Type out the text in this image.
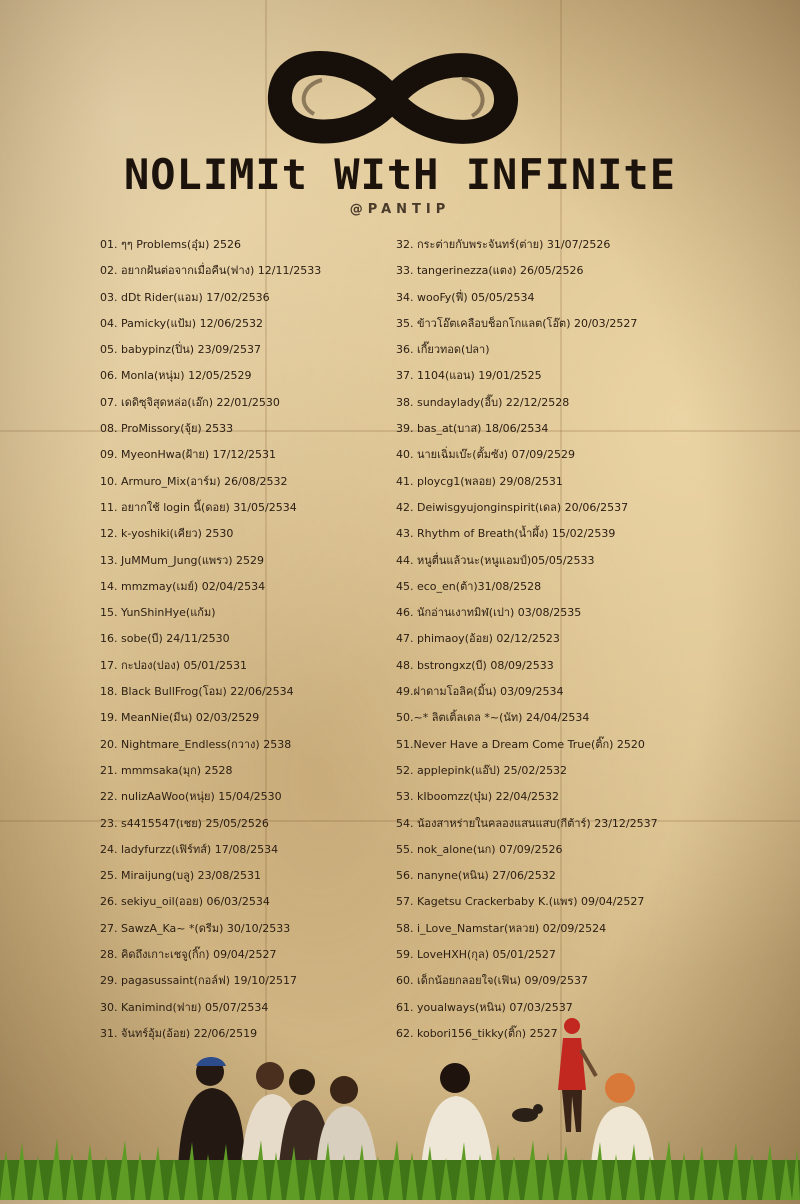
NOLIMIt WItH INFINItE
@PANTIP
01. ๆๆ Problems(อุ๋ม) 2526
02. อยากฝันต่อจากเมื่อคืน(ฟาง) 12/11/2533
03. dDt Rider(แอม) 17/02/2536
04. Pamicky(แป้ม) 12/06/2532
05. babypinz(ปิ่น) 23/09/2537
06. Monla(หนุ่ม) 12/05/2529
07. เดดิซุจิสุดหล่อ(เอ๊ก) 22/01/2530
08. ProMissory(จุ้ย) 2533
09. MyeonHwa(ฝ้าย) 17/12/2531
10. Armuro_Mix(อาร์ม) 26/08/2532
11. อยากใช้ login นี้(ดอย) 31/05/2534
12. k-yoshiki(เคียว) 2530
13. JuMMum_Jung(แพรว) 2529
14. mmzmay(เมย์) 02/04/2534
15. YunShinHye(แก้ม)
16. sobe(บี) 24/11/2530
17. กะปอง(ปอง) 05/01/2531
18. Black BullFrog(โอม) 22/06/2534
19. MeanNie(มีน) 02/03/2529
20. Nightmare_Endless(กวาง) 2538
21. mmmsaka(มุก) 2528
22. nuIizAaWoo(หนุ่ย) 15/04/2530
23. s4415547(เชย) 25/05/2526
24. ladyfurzz(เฟิร์ทส์) 17/08/2534
25. Miraijung(บลู) 23/08/2531
26. sekiyu_oil(ออย) 06/03/2534
27. SawzA_Ka~ *(ดรีม) 30/10/2533
28. คิดถึงเกาะเชจู(กิ๊ก) 09/04/2527
29. pagasussaint(กอล์ฟ) 19/10/2517
30. Kanimind(ฟาย) 05/07/2534
31. จันทร์อุ้ม(อ้อย) 22/06/2519
32. กระต่ายกับพระจันทร์(ต่าย) 31/07/2526
33. tangerinezza(แตง) 26/05/2526
34. wooFy(ฟี่) 05/05/2534
35. ข้าวโอ๊ตเคลือบช็อกโกแลต(โอ๊ต) 20/03/2527
36. เกี๊ยวทอด(ปลา)
37. 1104(แอน) 19/01/2525
38. sundaylady(อี๊บ) 22/12/2528
39. bas_at(บาส) 18/06/2534
40. นายเฉิ่มเบ๊ะ(ตั้มซัง) 07/09/2529
41. ploycg1(พลอย) 29/08/2531
42. Deiwisgyujonginspirit(เดล) 20/06/2537
43. Rhythm of Breath(น้ำผึ้ง) 15/02/2539
44. หนูตื่นแล้วนะ(หนูแอมป์)05/05/2533
45. eco_en(ต้า)31/08/2528
46. นักอ่านเงาทมิฬ(เปา) 03/08/2535
47. phimaoy(อ้อย) 02/12/2523
48. bstrongxz(บี) 08/09/2533
49.ฝาดามโอลิค(มิ้น) 03/09/2534
50.~* ลิตเติ้ลเดล *~(นัท) 24/04/2534
51.Never Have a Dream Come True(ติ๊ก) 2520
52. applepink(แอ๊ป) 25/02/2532
53. kIboomzz(บุ๋ม) 22/04/2532
54. น้องสาหร่ายในคลองแสนแสบ(กีต้าร์) 23/12/2537
55. nok_alone(นก) 07/09/2526
56. nanyne(หนิน) 27/06/2532
57. Kagetsu Crackerbaby K.(แพร) 09/04/2527
58. i_Love_Namstar(หลวย) 02/09/2524
59. LoveHXH(กุล) 05/01/2527
60. เด็กน้อยกลอยใจ(เฟิน) 09/09/2537
61. youalways(หนิน) 07/03/2537
62. kobori156_tikky(ติ๊ก) 2527
